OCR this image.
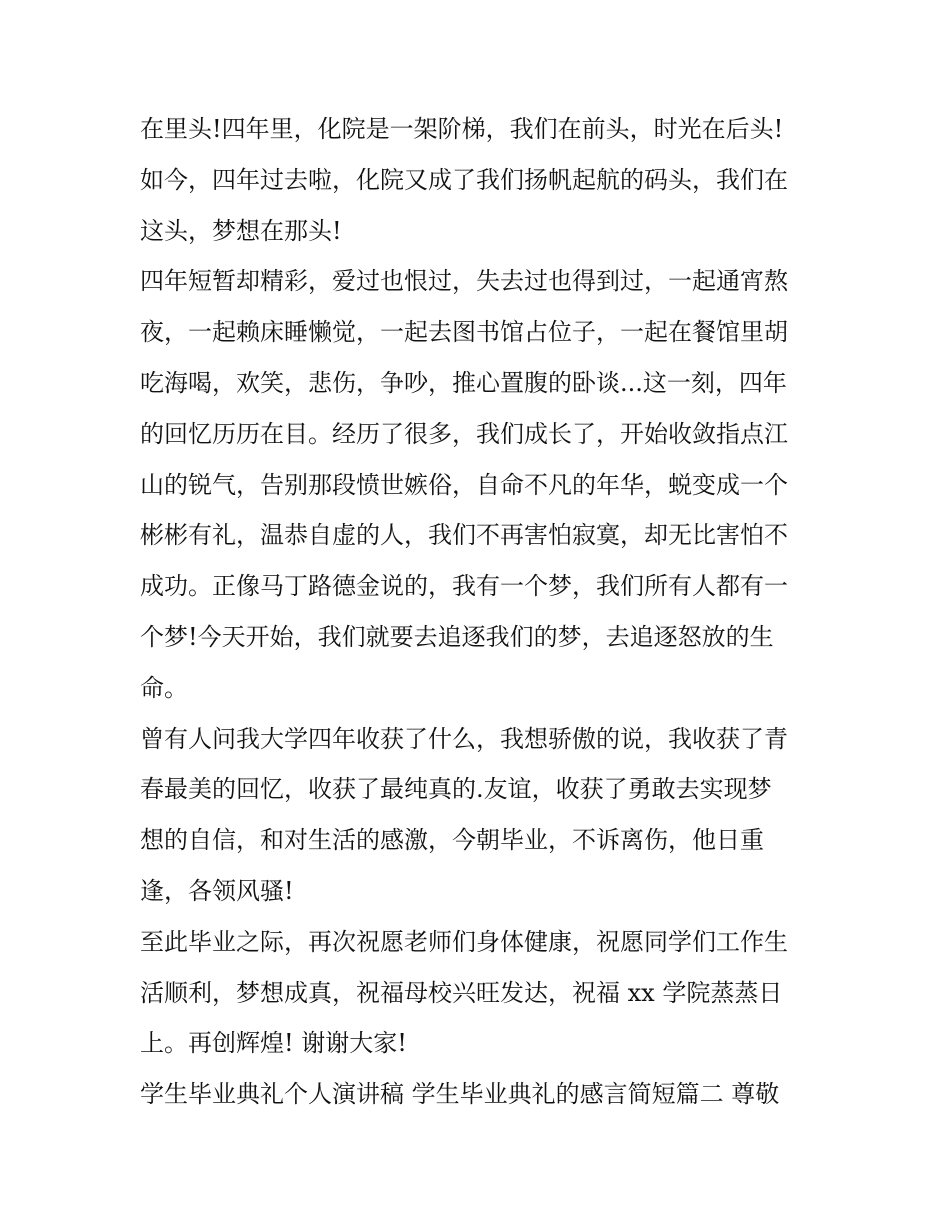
在里头!四年里，化院是一架阶梯，我们在前头，时光在后头!
如今，四年过去啦，化院又成了我们扬帆起航的码头，我们在
这头，梦想在那头!
四年短暂却精彩，爱过也恨过，失去过也得到过，一起通宵熬
夜，一起赖床睡懒觉，一起去图书馆占位子，一起在餐馆里胡
吃海喝，欢笑，悲伤，争吵，推心置腹的卧谈...这一刻，四年
的回忆历历在目。经历了很多，我们成长了，开始收敛指点江
山的锐气，告别那段愤世嫉俗，自命不凡的年华，蜕变成一个
彬彬有礼，温恭自虚的人，我们不再害怕寂寞，却无比害怕不
成功。正像马丁路德金说的，我有一个梦，我们所有人都有一
个梦!今天开始，我们就要去追逐我们的梦，去追逐怒放的生
命。
曾有人问我大学四年收获了什么，我想骄傲的说，我收获了青
春最美的回忆，收获了最纯真的.友谊，收获了勇敢去实现梦
想的自信，和对生活的感激，今朝毕业，不诉离伤，他日重
逢，各领风骚!
至此毕业之际，再次祝愿老师们身体健康，祝愿同学们工作生
活顺利，梦想成真，祝福母校兴旺发达，祝福 xx 学院蒸蒸日
上。再创辉煌! 谢谢大家!
学生毕业典礼个人演讲稿 学生毕业典礼的感言简短篇二 尊敬
